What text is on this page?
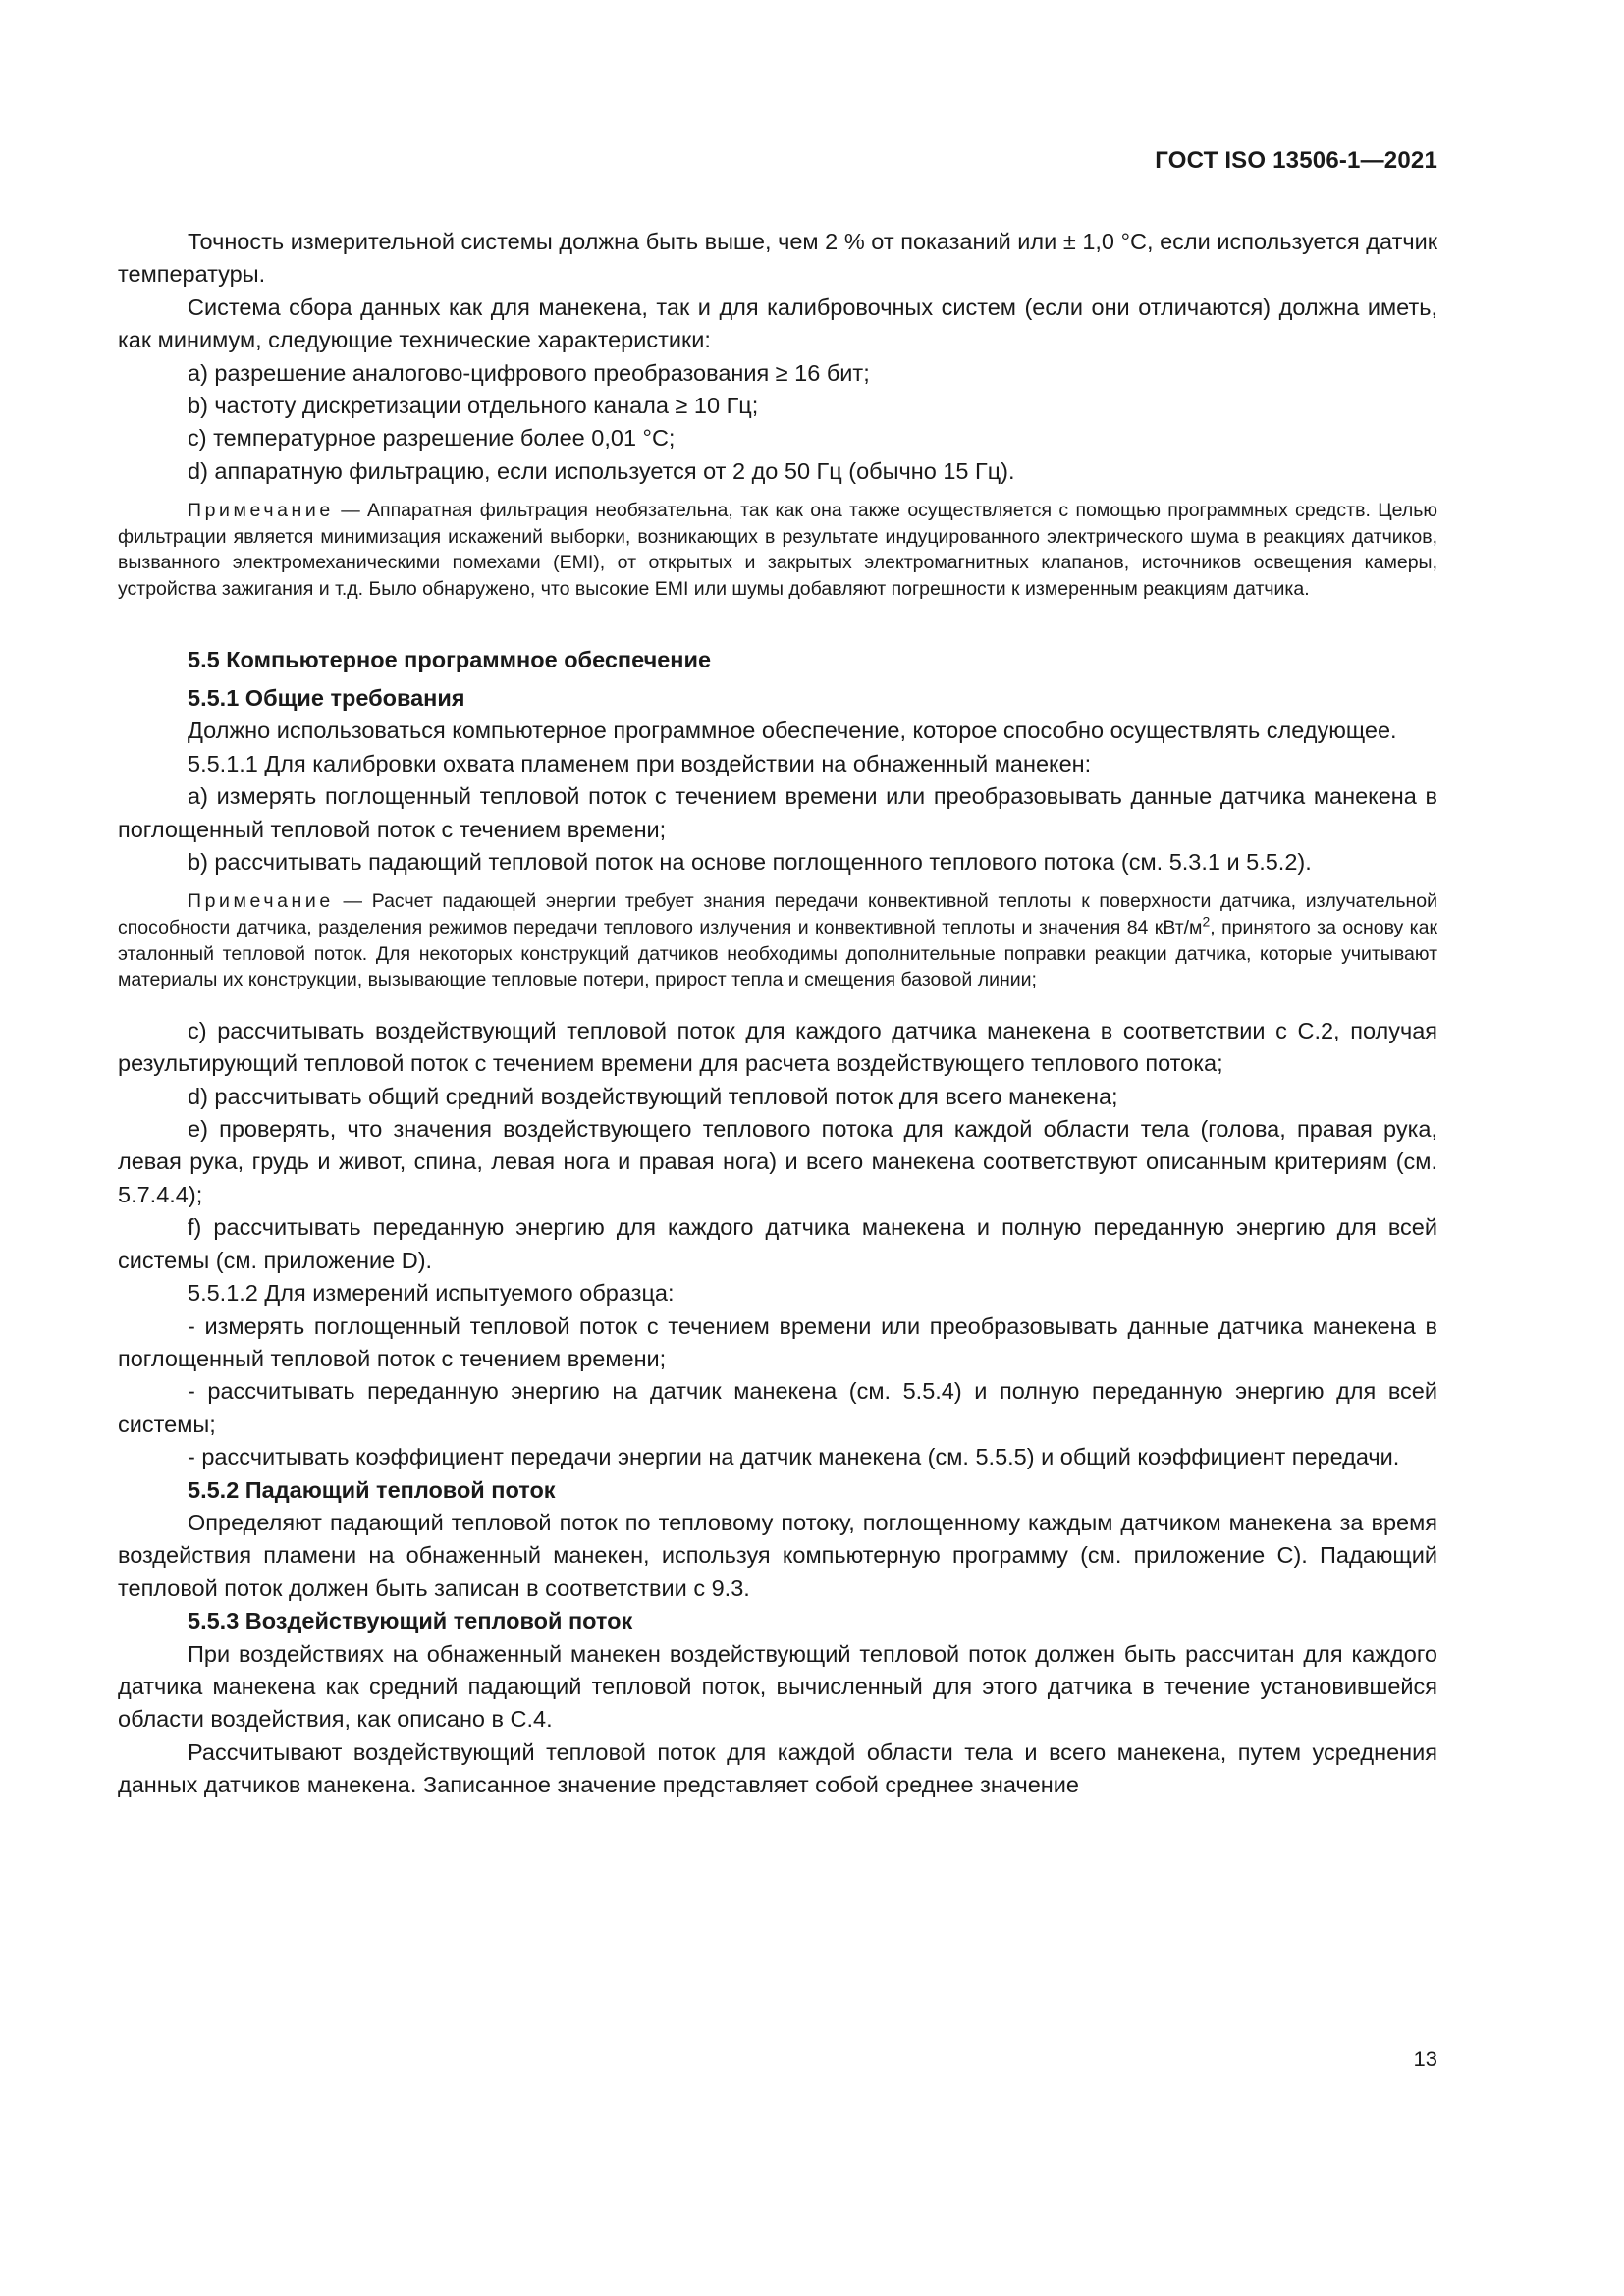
ГОСТ ISO 13506-1—2021

Точность измерительной системы должна быть выше, чем 2 % от показаний или ± 1,0 °С, если используется датчик температуры.

Система сбора данных как для манекена, так и для калибровочных систем (если они отличаются) должна иметь, как минимум, следующие технические характеристики:

a) разрешение аналогово-цифрового преобразования ≥ 16 бит;

b) частоту дискретизации отдельного канала ≥ 10 Гц;

c) температурное разрешение более 0,01 °С;

d) аппаратную фильтрацию, если используется от 2 до 50 Гц (обычно 15 Гц).

Примечание — Аппаратная фильтрация необязательна, так как она также осуществляется с помощью программных средств. Целью фильтрации является минимизация искажений выборки, возникающих в результате индуцированного электрического шума в реакциях датчиков, вызванного электромеханическими помехами (EMI), от открытых и закрытых электромагнитных клапанов, источников освещения камеры, устройства зажигания и т.д. Было обнаружено, что высокие EMI или шумы добавляют погрешности к измеренным реакциям датчика.
5.5 Компьютерное программное обеспечение
5.5.1 Общие требования

Должно использоваться компьютерное программное обеспечение, которое способно осуществлять следующее.

5.5.1.1 Для калибровки охвата пламенем при воздействии на обнаженный манекен:

a) измерять поглощенный тепловой поток с течением времени или преобразовывать данные датчика манекена в поглощенный тепловой поток с течением времени;

b) рассчитывать падающий тепловой поток на основе поглощенного теплового потока (см. 5.3.1 и 5.5.2).

Примечание — Расчет падающей энергии требует знания передачи конвективной теплоты к поверхности датчика, излучательной способности датчика, разделения режимов передачи теплового излучения и конвективной теплоты и значения 84 кВт/$м^2$, принятого за основу как эталонный тепловой поток. Для некоторых конструкций датчиков необходимы дополнительные поправки реакции датчика, которые учитывают материалы их конструкции, вызывающие тепловые потери, прирост тепла и смещения базовой линии;

c) рассчитывать воздействующий тепловой поток для каждого датчика манекена в соответствии с С.2, получая результирующий тепловой поток с течением времени для расчета воздействующего теплового потока;

d) рассчитывать общий средний воздействующий тепловой поток для всего манекена;

e) проверять, что значения воздействующего теплового потока для каждой области тела (голова, правая рука, левая рука, грудь и живот, спина, левая нога и правая нога) и всего манекена соответствуют описанным критериям (см. 5.7.4.4);

f) рассчитывать переданную энергию для каждого датчика манекена и полную переданную энергию для всей системы (см. приложение D).

5.5.1.2 Для измерений испытуемого образца:

- измерять поглощенный тепловой поток с течением времени или преобразовывать данные датчика манекена в поглощенный тепловой поток с течением времени;

- рассчитывать переданную энергию на датчик манекена (см. 5.5.4) и полную переданную энергию для всей системы;

- рассчитывать коэффициент передачи энергии на датчик манекена (см. 5.5.5) и общий коэффициент передачи.

5.5.2 Падающий тепловой поток

Определяют падающий тепловой поток по тепловому потоку, поглощенному каждым датчиком манекена за время воздействия пламени на обнаженный манекен, используя компьютерную программу (см. приложение С). Падающий тепловой поток должен быть записан в соответствии с 9.3.

5.5.3 Воздействующий тепловой поток

При воздействиях на обнаженный манекен воздействующий тепловой поток должен быть рассчитан для каждого датчика манекена как средний падающий тепловой поток, вычисленный для этого датчика в течение установившейся области воздействия, как описано в С.4.

Рассчитывают воздействующий тепловой поток для каждой области тела и всего манекена, путем усреднения данных датчиков манекена. Записанное значение представляет собой среднее значение

13
